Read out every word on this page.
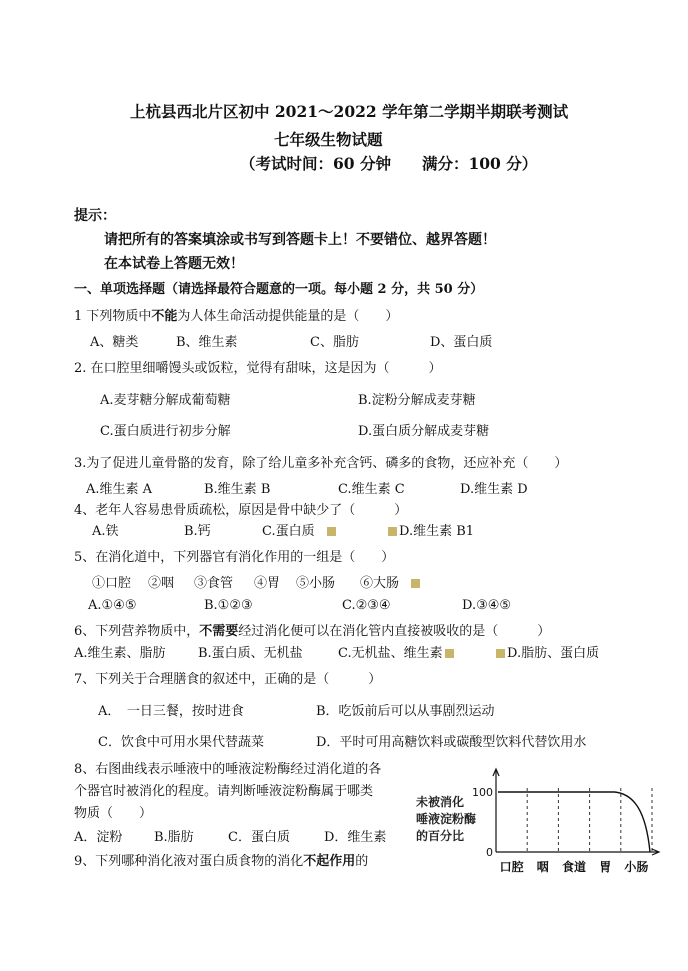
上杭县西北片区初中 2021～2022 学年第二学期半期联考测试
七年级生物试题
（考试时间：60 分钟　　满分：100 分）
提示：
请把所有的答案填涂或书写到答题卡上！不要错位、越界答题！
在本试卷上答题无效！
一、单项选择题（请选择最符合题意的一项。每小题 2 分，共 50 分）
1 下列物质中不能为人体生命活动提供能量的是（　　）
A、糖类	B、维生素	C、脂肪	D、蛋白质
2. 在口腔里细嚼馒头或饭粒，觉得有甜味，这是因为（　　　）
A.麦芽糖分解成葡萄糖	B.淀粉分解成麦芽糖
C.蛋白质进行初步分解	D.蛋白质分解成麦芽糖
3.为了促进儿童骨骼的发育，除了给儿童多补充含钙、磷多的食物，还应补充（　　）
A.维生素 A	B.维生素 B	C.维生素 C	D.维生素 D
4、老年人容易患骨质疏松，原因是骨中缺少了（　　　）
A.铁	B.钙	C.蛋白质	D.维生素 B1
5、在消化道中，下列器官有消化作用的一组是（　　）
①口腔 ②咽 ③食管 ④胃 ⑤小肠 ⑥大肠
A.①④⑤	B.①②③	C.②③④	D.③④⑤
6、下列营养物质中，不需要经过消化便可以在消化管内直接被吸收的是（　　　）
A.维生素、脂肪 B.蛋白质、无机盐	C.无机盐、维生素	D.脂肪、蛋白质
7、下列关于合理膳食的叙述中，正确的是（　　　）
A．　一日三餐，按时进食	B．吃饭前后可以从事剧烈运动
C．饮食中可用水果代替蔬菜	D．平时可用高糖饮料或碳酸型饮料代替饮用水
8、右图曲线表示唾液中的唾液淀粉酶经过消化道的各
个器官时被消化的程度。请判断唾液淀粉酶属于哪类
物质（　　）
A．淀粉 B.脂肪	C．蛋白质	D．维生素
9、下列哪种消化液对蛋白质食物的消化不起作用的
未被消化
唾液淀粉酶
的百分比
100
0
口腔 咽 食道 胃 小肠
